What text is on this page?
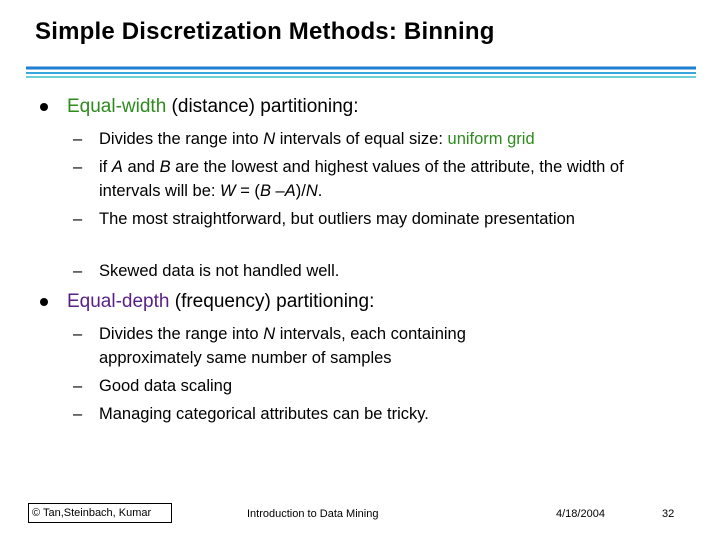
Simple Discretization Methods: Binning
Equal-width (distance) partitioning:
– Divides the range into N intervals of equal size: uniform grid
– if A and B are the lowest and highest values of the attribute, the width of intervals will be: W = (B –A)/N.
– The most straightforward, but outliers may dominate presentation
– Skewed data is not handled well.
Equal-depth (frequency) partitioning:
– Divides the range into N intervals, each containing approximately same number of samples
– Good data scaling
– Managing categorical attributes can be tricky.
© Tan,Steinbach, Kumar	Introduction to Data Mining	4/18/2004	32
